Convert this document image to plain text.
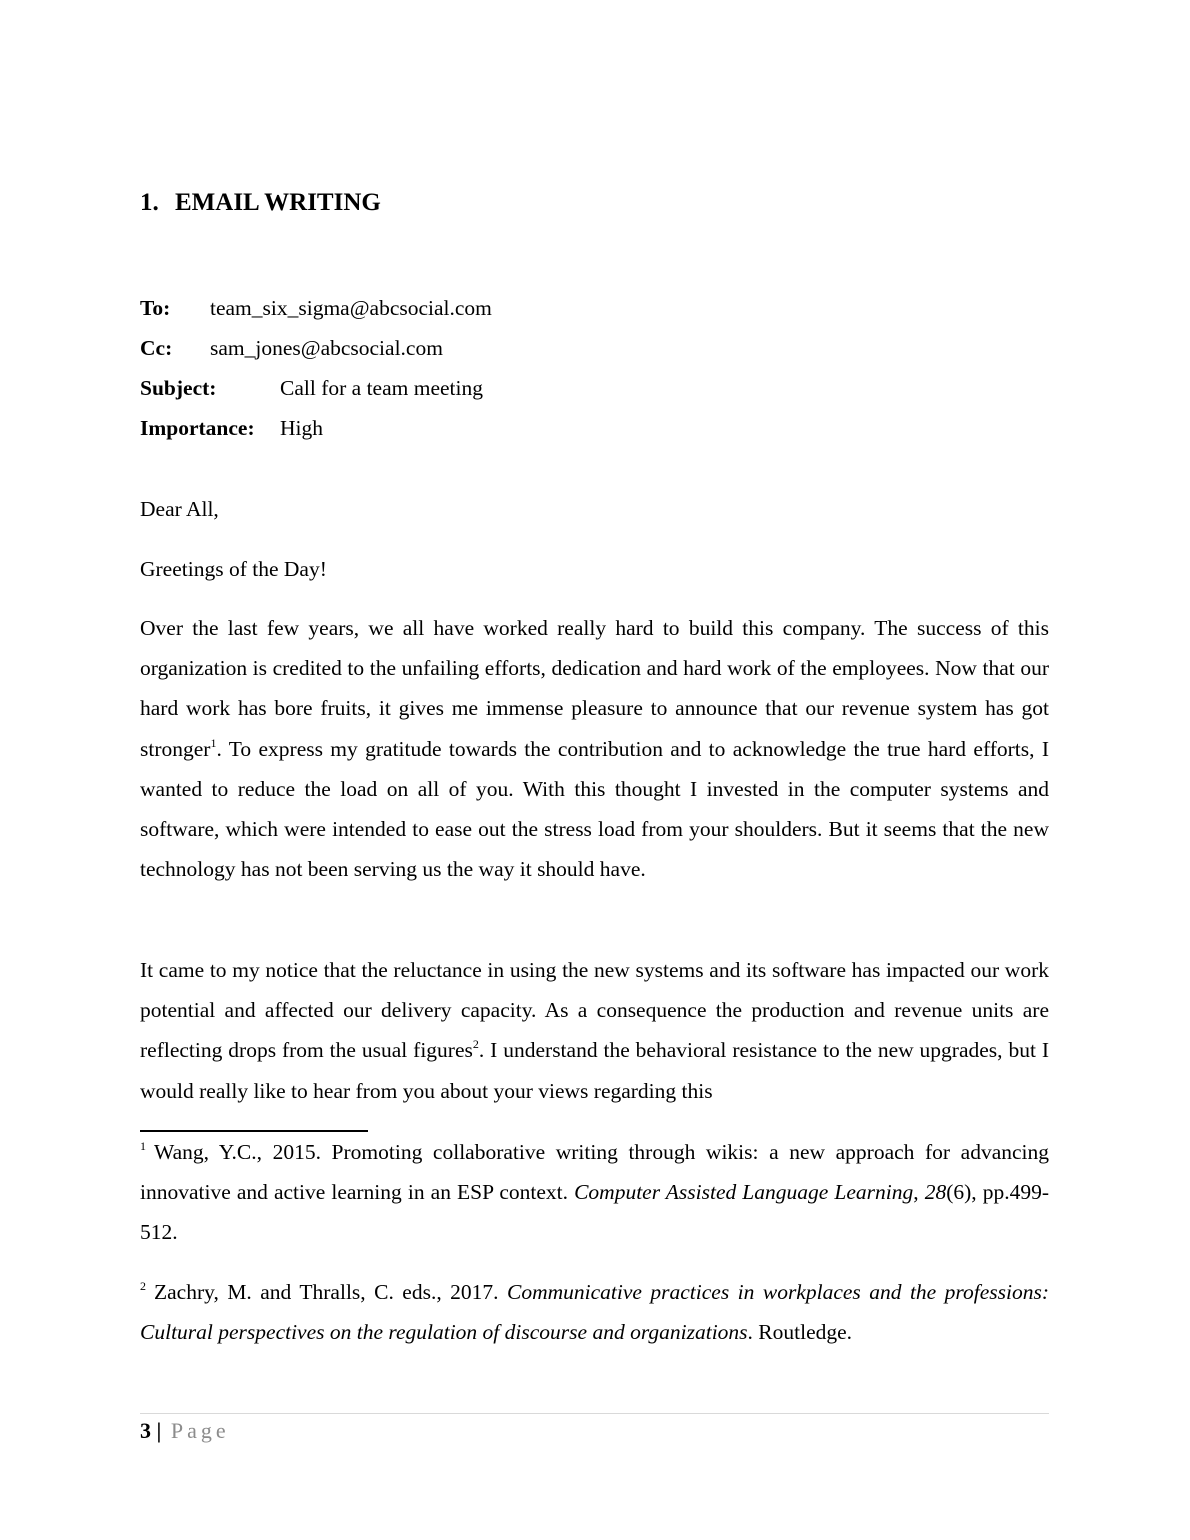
1. EMAIL WRITING
To: team_six_sigma@abcsocial.com
Cc: sam_jones@abcsocial.com
Subject:	Call for a team meeting
Importance: High

Dear All,

Greetings of the Day!

Over the last few years, we all have worked really hard to build this company. The success of this organization is credited to the unfailing efforts, dedication and hard work of the employees. Now that our hard work has bore fruits, it gives me immense pleasure to announce that our revenue system has got stronger$^1$. To express my gratitude towards the contribution and to acknowledge the true hard efforts, I wanted to reduce the load on all of you. With this thought I invested in the computer systems and software, which were intended to ease out the stress load from your shoulders. But it seems that the new technology has not been serving us the way it should have.

It came to my notice that the reluctance in using the new systems and its software has impacted our work potential and affected our delivery capacity. As a consequence the production and revenue units are reflecting drops from the usual figures$^2$. I understand the behavioral resistance to the new upgrades, but I would really like to hear from you about your views regarding this

$^1$ Wang, Y.C., 2015. Promoting collaborative writing through wikis: a new approach for advancing innovative and active learning in an ESP context. Computer Assisted Language Learning, 28(6), pp.499-512.

$^2$ Zachry, M. and Thralls, C. eds., 2017. Communicative practices in workplaces and the professions: Cultural perspectives on the regulation of discourse and organizations. Routledge.

3 | Page
